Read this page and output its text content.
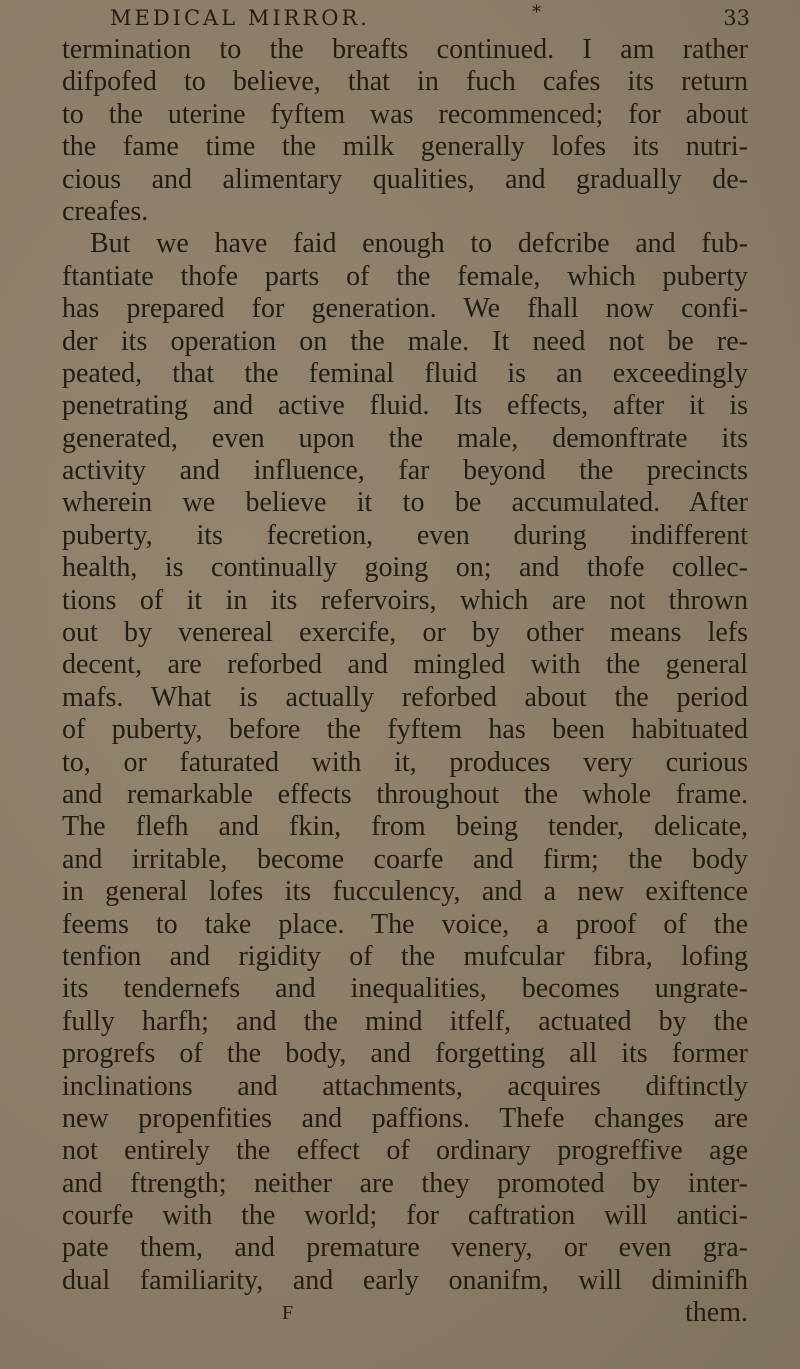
MEDICAL MIRROR.	*	33
termination to the breafts continued. I am rather
difpofed to believe, that in fuch cafes its return
to the uterine fyftem was recommenced; for about
the fame time the milk generally lofes its nutri-
cious and alimentary qualities, and gradually de-
creafes.
But we have faid enough to defcribe and fub-
ftantiate thofe parts of the female, which puberty
has prepared for generation. We fhall now confi-
der its operation on the male. It need not be re-
peated, that the feminal fluid is an exceedingly
penetrating and active fluid. Its effects, after it is
generated, even upon the male, demonftrate its
activity and influence, far beyond the precincts
wherein we believe it to be accumulated. After
puberty, its fecretion, even during indifferent
health, is continually going on; and thofe collec-
tions of it in its refervoirs, which are not thrown
out by venereal exercife, or by other means lefs
decent, are reforbed and mingled with the general
mafs. What is actually reforbed about the period
of puberty, before the fyftem has been habituated
to, or faturated with it, produces very curious
and remarkable effects throughout the whole frame.
The flefh and fkin, from being tender, delicate,
and irritable, become coarfe and firm; the body
in general lofes its fucculency, and a new exiftence
feems to take place. The voice, a proof of the
tenfion and rigidity of the mufcular fibra, lofing
its tendernefs and inequalities, becomes ungrate-
fully harfh; and the mind itfelf, actuated by the
progrefs of the body, and forgetting all its former
inclinations and attachments, acquires diftinctly
new propenfities and paffions. Thefe changes are
not entirely the effect of ordinary progreffive age
and ftrength; neither are they promoted by inter-
courfe with the world; for caftration will antici-
pate them, and premature venery, or even gra-
dual familiarity, and early onanifm, will diminifh
F	them.
